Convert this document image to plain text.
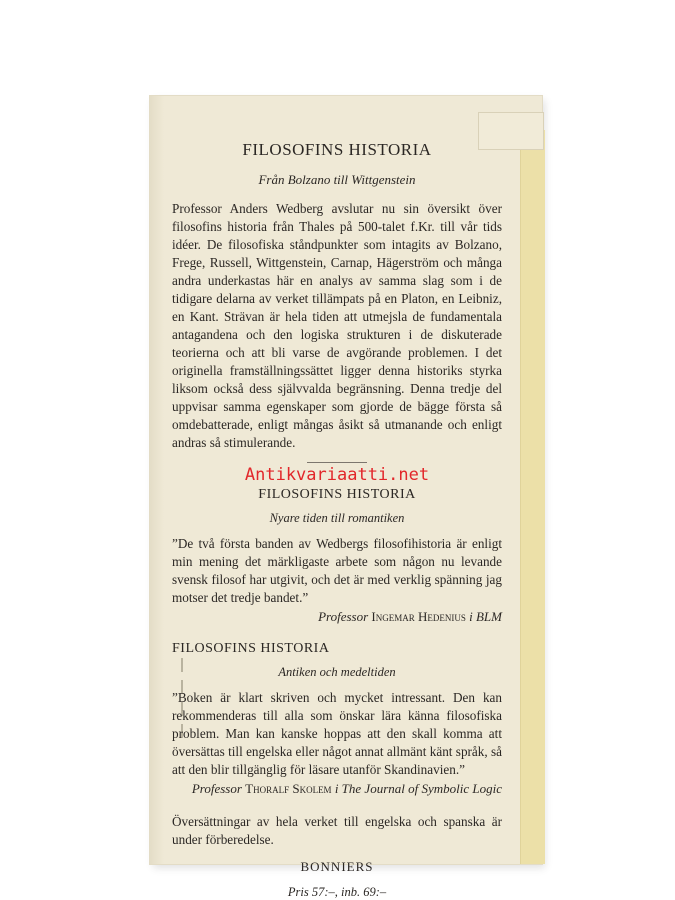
FILOSOFINS HISTORIA
Från Bolzano till Wittgenstein
Professor Anders Wedberg avslutar nu sin översikt över filosofins historia från Thales på 500-talet f.Kr. till vår tids idéer. De filosofiska ståndpunkter som intagits av Bolzano, Frege, Russell, Wittgenstein, Carnap, Hägerström och många andra underkastas här en analys av samma slag som i de tidigare delarna av verket tillämpats på en Platon, en Leibniz, en Kant. Strävan är hela tiden att utmejsla de fundamentala antagandena och den logiska strukturen i de diskuterade teorierna och att bli varse de avgörande problemen. I det originella framställningssättet ligger denna historiks styrka liksom också dess självvalda begränsning. Denna tredje del uppvisar samma egenskaper som gjorde de bägge första så omdebatterade, enligt mångas åsikt så utmanande och enligt andras så stimulerande.
Antikvariaatti.net
FILOSOFINS HISTORIA
Nyare tiden till romantiken
”De två första banden av Wedbergs filosofihistoria är enligt min mening det märkligaste arbete som någon nu levande svensk filosof har utgivit, och det är med verklig spänning jag motser det tredje bandet.”
Professor Ingemar Hedenius i BLM
FILOSOFINS HISTORIA
Antiken och medeltiden
”Boken är klart skriven och mycket intressant. Den kan rekommenderas till alla som önskar lära känna filosofiska problem. Man kan kanske hoppas att den skall komma att översättas till engelska eller något annat allmänt känt språk, så att den blir tillgänglig för läsare utanför Skandinavien.”
Professor Thoralf Skolem i The Journal of Symbolic Logic
Översättningar av hela verket till engelska och spanska är under förberedelse.
BONNIERS
Pris 57:–, inb. 69:–
